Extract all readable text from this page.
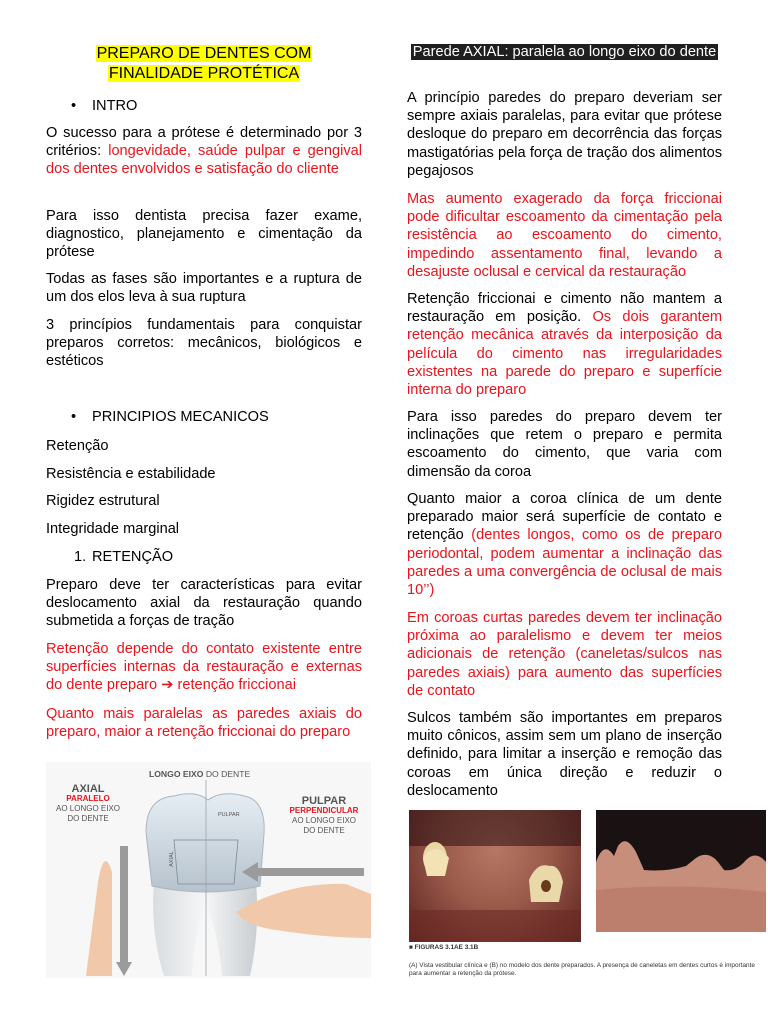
PREPARO DE DENTES COM
FINALIDADE PROTÉTICA
• INTRO

O sucesso para a prótese é determinado por 3 critérios: longevidade, saúde pulpar e gengival dos dentes envolvidos e satisfação do cliente

Para isso dentista precisa fazer exame, diagnostico, planejamento e cimentação da prótese

Todas as fases são importantes e a ruptura de um dos elos leva à sua ruptura

3 princípios fundamentais para conquistar preparos corretos: mecânicos, biológicos e estéticos

• PRINCIPIOS MECANICOS

Retenção

Resistência e estabilidade

Rigidez estrutural

Integridade marginal

1. RETENÇÃO

Preparo deve ter características para evitar deslocamento axial da restauração quando submetida a forças de tração

Retenção depende do contato existente entre superfícies internas da restauração e externas do dente preparo ➔ retenção friccionai

Quanto mais paralelas as paredes axiais do preparo, maior a retenção friccionai do preparo

LONGO EIXO DO DENTE
AXIAL
PARALELO
AO LONGO EIXO
DO DENTE
PULPAR
PERPENDICULAR
AO LONGO EIXO
DO DENTE
PULPAR
AXIAL
Parede AXIAL: paralela ao longo eixo do dente

A princípio paredes do preparo deveriam ser sempre axiais paralelas, para evitar que prótese desloque do preparo em decorrência das forças mastigatórias pela força de tração dos alimentos pegajosos

Mas aumento exagerado da força friccionai pode dificultar escoamento da cimentação pela resistência ao escoamento do cimento, impedindo assentamento final, levando a desajuste oclusal e cervical da restauração

Retenção friccionai e cimento não mantem a restauração em posição. Os dois garantem retenção mecânica através da interposição da película do cimento nas irregularidades existentes na parede do preparo e superfície interna do preparo

Para isso paredes do preparo devem ter inclinações que retem o preparo e permita escoamento do cimento, que varia com dimensão da coroa

Quanto maior a coroa clínica de um dente preparado maior será superfície de contato e retenção (dentes longos, como os de preparo periodontal, podem aumentar a inclinação das paredes a uma convergência de oclusal de mais 10’’)

Em coroas curtas paredes devem ter inclinação próxima ao paralelismo e devem ter meios adicionais de retenção (caneletas/sulcos nas paredes axiais) para aumento das superfícies de contato

Sulcos também são importantes em preparos muito cônicos, assim sem um plano de inserção definido, para limitar a inserção e remoção das coroas em única direção e reduzir o deslocamento

■ FIGURAS 3.1AE 3.1B
(A) Vista vestibular clínica e (B) no modelo dos dente preparados. A presença de caneletas em dentes curtos é importante para aumentar a retenção da prótese.
